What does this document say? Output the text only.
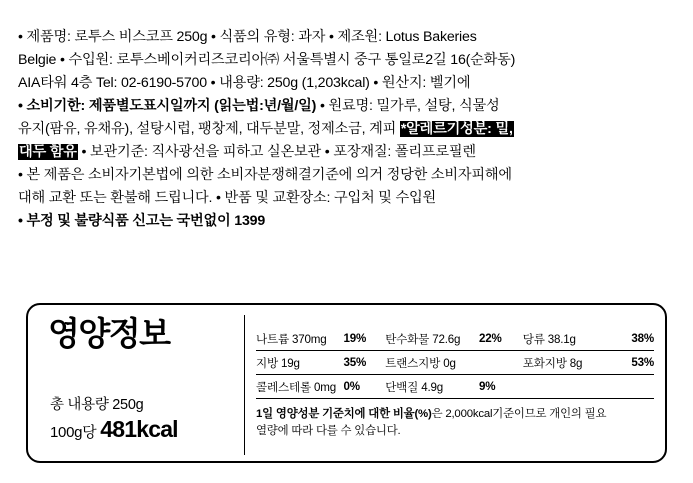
• 제품명: 로투스 비스코프 250g • 식품의 유형: 과자 • 제조원: Lotus Bakeries
Belgie • 수입원: 로투스베이커리즈코리아㈜ 서울특별시 중구 통일로2길 16(순화동)
AIA타워 4층 Tel: 02-6190-5700 • 내용량: 250g (1,203kcal) • 원산지: 벨기에
• 소비기한: 제품별도표시일까지 (읽는법:년/월/일) • 원료명: 밀가루, 설탕, 식물성
유지(팜유, 유채유), 설탕시럽, 팽창제, 대두분말, 정제소금, 계피 *알레르기성분: 밀,
대두 함유 • 보관기준: 직사광선을 피하고 실온보관 • 포장재질: 폴리프로필렌
• 본 제품은 소비자기본법에 의한 소비자분쟁해결기준에 의거 정당한 소비자피해에
대해 교환 또는 환불해 드립니다. • 반품 및 교환장소: 구입처 및 수입원
• 부정 및 불량식품 신고는 국번없이 1399
영양정보
총 내용량 250g
100g당 481kcal
나트륨 370mg	19%	탄수화물 72.6g	22%	당류 38.1g	38%
지방 19g	35%	트랜스지방 0g		포화지방 8g	53%
콜레스테롤 0mg	0%	단백질 4.9g	9%		
1일 영양성분 기준치에 대한 비율(%)은 2,000kcal기준이므로 개인의 필요
열량에 따라 다를 수 있습니다.
